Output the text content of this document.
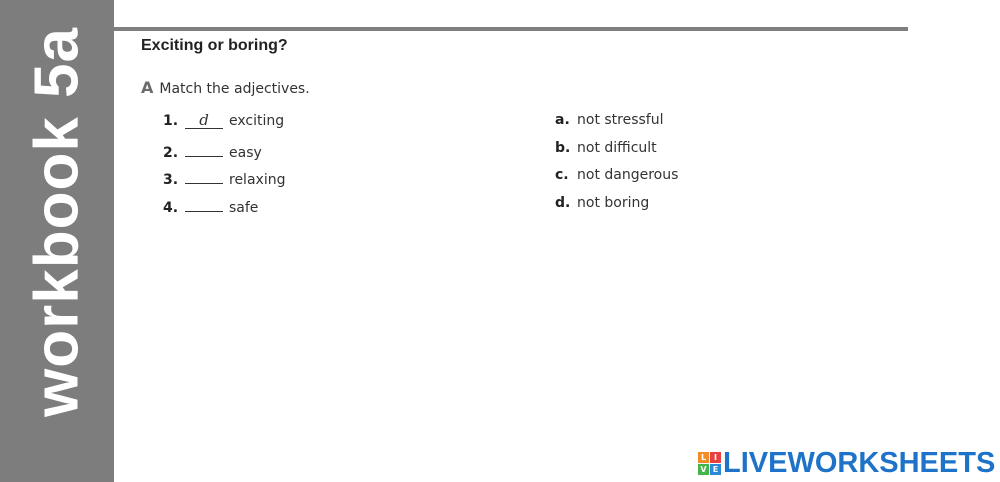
workbook 5a	Exciting or boring?
A Match the adjectives.
1.	d	exciting
2.	easy
3.	relaxing
4.	safe
a. not stressful
b. not difficult
c. not dangerous
d. not boring
L I
V E LIVEWORKSHEETS
